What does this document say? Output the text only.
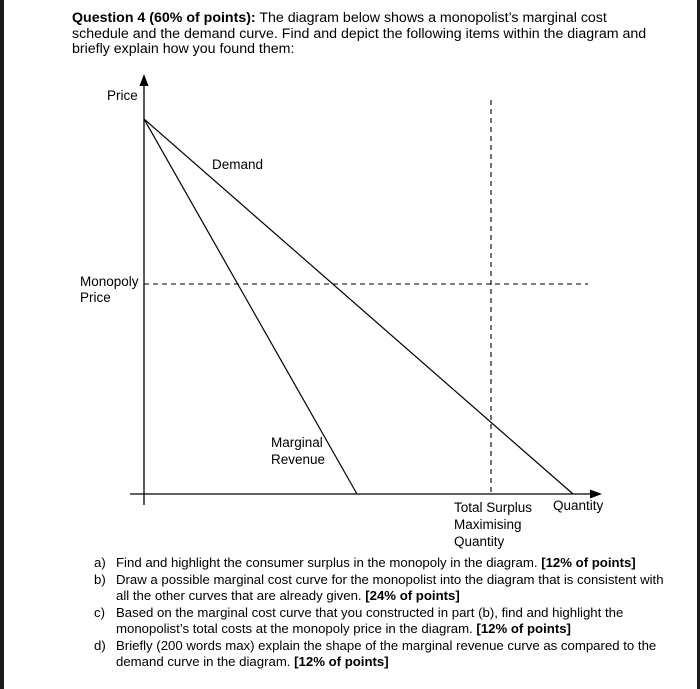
Question 4 (60% of points): The diagram below shows a monopolist’s marginal cost schedule and the demand curve. Find and depict the following items within the diagram and briefly explain how you found them:
Price
Quantity
Monopoly
Price
Demand
Marginal
Revenue
Total Surplus
Maximising
Quantity
a) Find and highlight the consumer surplus in the monopoly in the diagram. [12% of points]
b) Draw a possible marginal cost curve for the monopolist into the diagram that is consistent with all the other curves that are already given. [24% of points]
c) Based on the marginal cost curve that you constructed in part (b), find and highlight the monopolist’s total costs at the monopoly price in the diagram. [12% of points]
d) Briefly (200 words max) explain the shape of the marginal revenue curve as compared to the demand curve in the diagram. [12% of points]
